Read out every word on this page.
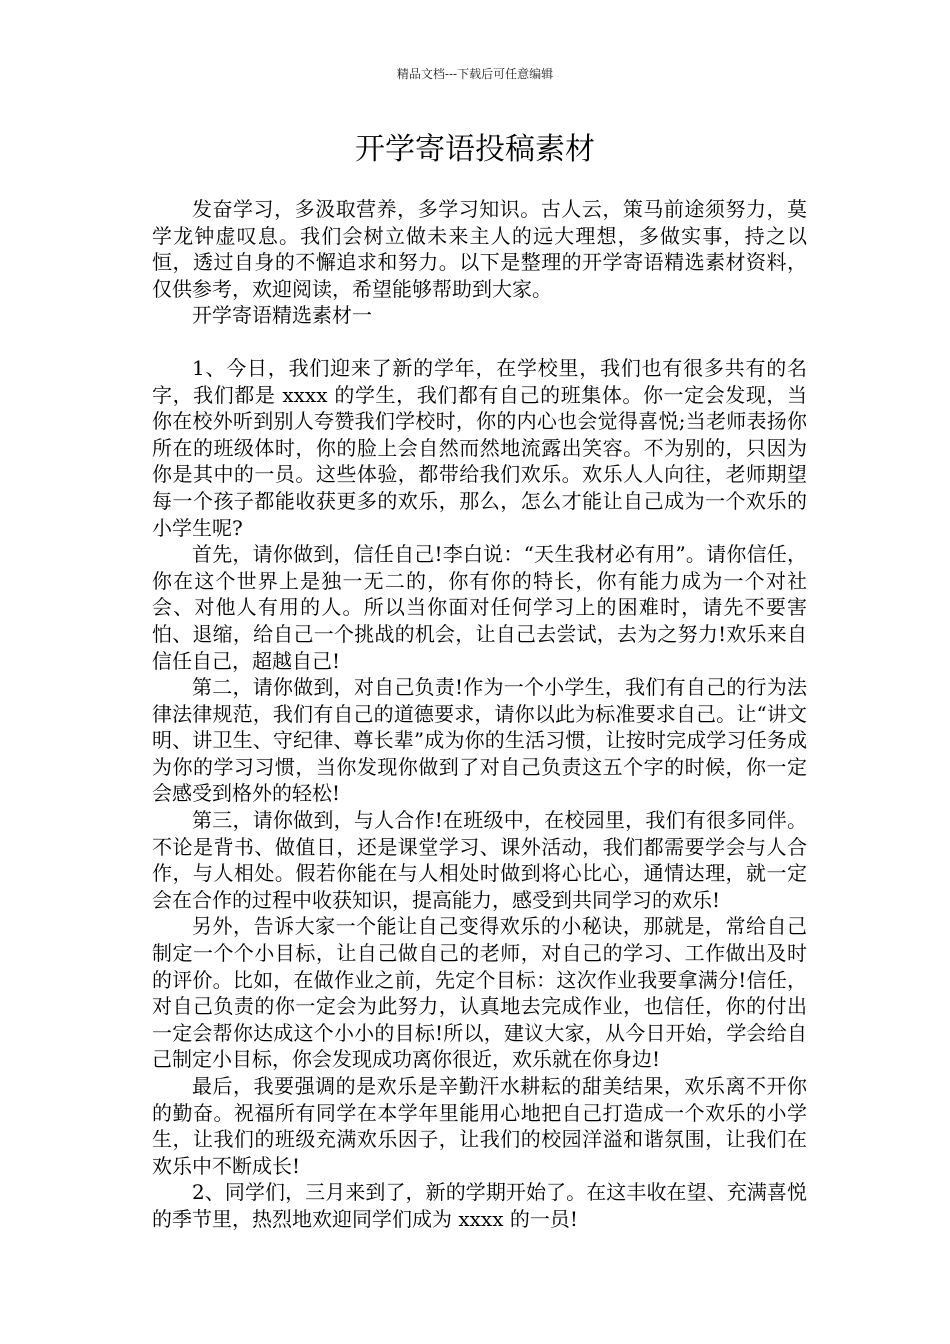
精品文档---下载后可任意编辑
开学寄语投稿素材

发奋学习，多汲取营养，多学习知识。古人云，策马前途须努力，莫学龙钟虚叹息。我们会树立做未来主人的远大理想，多做实事，持之以恒，透过自身的不懈追求和努力。以下是整理的开学寄语精选素材资料，仅供参考，欢迎阅读，希望能够帮助到大家。

开学寄语精选素材一

1、今日，我们迎来了新的学年，在学校里，我们也有很多共有的名字，我们都是 xxxx 的学生，我们都有自己的班集体。你一定会发现，当你在校外听到别人夸赞我们学校时，你的内心也会觉得喜悦;当老师表扬你所在的班级体时，你的脸上会自然而然地流露出笑容。不为别的，只因为你是其中的一员。这些体验，都带给我们欢乐。欢乐人人向往，老师期望每一个孩子都能收获更多的欢乐，那么，怎么才能让自己成为一个欢乐的小学生呢?

首先，请你做到，信任自己!李白说：“天生我材必有用”。请你信任，你在这个世界上是独一无二的，你有你的特长，你有能力成为一个对社会、对他人有用的人。所以当你面对任何学习上的困难时，请先不要害怕、退缩，给自己一个挑战的机会，让自己去尝试，去为之努力!欢乐来自信任自己，超越自己!

第二，请你做到，对自己负责!作为一个小学生，我们有自己的行为法律法律规范，我们有自己的道德要求，请你以此为标准要求自己。让“讲文明、讲卫生、守纪律、尊长辈”成为你的生活习惯，让按时完成学习任务成为你的学习习惯，当你发现你做到了对自己负责这五个字的时候，你一定会感受到格外的轻松!

第三，请你做到，与人合作!在班级中，在校园里，我们有很多同伴。不论是背书、做值日，还是课堂学习、课外活动，我们都需要学会与人合作，与人相处。假若你能在与人相处时做到将心比心，通情达理，就一定会在合作的过程中收获知识，提高能力，感受到共同学习的欢乐!

另外，告诉大家一个能让自己变得欢乐的小秘诀，那就是，常给自己制定一个个小目标，让自己做自己的老师，对自己的学习、工作做出及时的评价。比如，在做作业之前，先定个目标：这次作业我要拿满分!信任，对自己负责的你一定会为此努力，认真地去完成作业，也信任，你的付出一定会帮你达成这个小小的目标!所以，建议大家，从今日开始，学会给自己制定小目标，你会发现成功离你很近，欢乐就在你身边!

最后，我要强调的是欢乐是辛勤汗水耕耘的甜美结果，欢乐离不开你的勤奋。祝福所有同学在本学年里能用心地把自己打造成一个欢乐的小学生，让我们的班级充满欢乐因子，让我们的校园洋溢和谐氛围，让我们在欢乐中不断成长!

2、同学们，三月来到了，新的学期开始了。在这丰收在望、充满喜悦的季节里，热烈地欢迎同学们成为 xxxx 的一员!
